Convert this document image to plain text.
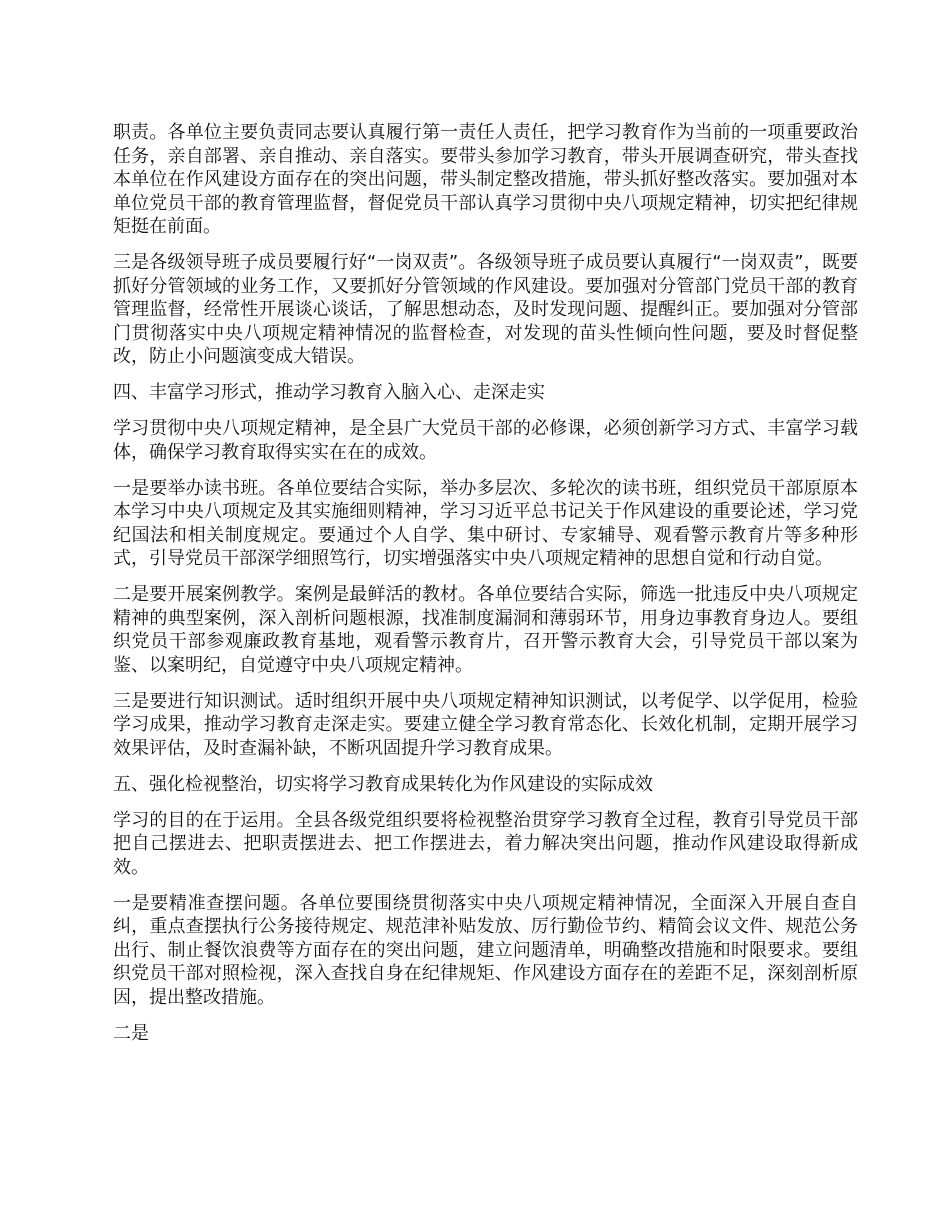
职责。各单位主要负责同志要认真履行第一责任人责任，把学习教育作为当前的一项重要政治任务，亲自部署、亲自推动、亲自落实。要带头参加学习教育，带头开展调查研究，带头查找本单位在作风建设方面存在的突出问题，带头制定整改措施，带头抓好整改落实。要加强对本单位党员干部的教育管理监督，督促党员干部认真学习贯彻中央八项规定精神，切实把纪律规矩挺在前面。

三是各级领导班子成员要履行好“一岗双责”。各级领导班子成员要认真履行“一岗双责”，既要抓好分管领域的业务工作，又要抓好分管领域的作风建设。要加强对分管部门党员干部的教育管理监督，经常性开展谈心谈话，了解思想动态，及时发现问题、提醒纠正。要加强对分管部门贯彻落实中央八项规定精神情况的监督检查，对发现的苗头性倾向性问题，要及时督促整改，防止小问题演变成大错误。

四、丰富学习形式，推动学习教育入脑入心、走深走实

学习贯彻中央八项规定精神，是全县广大党员干部的必修课，必须创新学习方式、丰富学习载体，确保学习教育取得实实在在的成效。

一是要举办读书班。各单位要结合实际，举办多层次、多轮次的读书班，组织党员干部原原本本学习中央八项规定及其实施细则精神，学习习近平总书记关于作风建设的重要论述，学习党纪国法和相关制度规定。要通过个人自学、集中研讨、专家辅导、观看警示教育片等多种形式，引导党员干部深学细照笃行，切实增强落实中央八项规定精神的思想自觉和行动自觉。

二是要开展案例教学。案例是最鲜活的教材。各单位要结合实际，筛选一批违反中央八项规定精神的典型案例，深入剖析问题根源，找准制度漏洞和薄弱环节，用身边事教育身边人。要组织党员干部参观廉政教育基地，观看警示教育片，召开警示教育大会，引导党员干部以案为鉴、以案明纪，自觉遵守中央八项规定精神。

三是要进行知识测试。适时组织开展中央八项规定精神知识测试，以考促学、以学促用，检验学习成果，推动学习教育走深走实。要建立健全学习教育常态化、长效化机制，定期开展学习效果评估，及时查漏补缺，不断巩固提升学习教育成果。

五、强化检视整治，切实将学习教育成果转化为作风建设的实际成效

学习的目的在于运用。全县各级党组织要将检视整治贯穿学习教育全过程，教育引导党员干部把自己摆进去、把职责摆进去、把工作摆进去，着力解决突出问题，推动作风建设取得新成效。

一是要精准查摆问题。各单位要围绕贯彻落实中央八项规定精神情况，全面深入开展自查自纠，重点查摆执行公务接待规定、规范津补贴发放、厉行勤俭节约、精简会议文件、规范公务出行、制止餐饮浪费等方面存在的突出问题，建立问题清单，明确整改措施和时限要求。要组织党员干部对照检视，深入查找自身在纪律规矩、作风建设方面存在的差距不足，深刻剖析原因，提出整改措施。

二是
